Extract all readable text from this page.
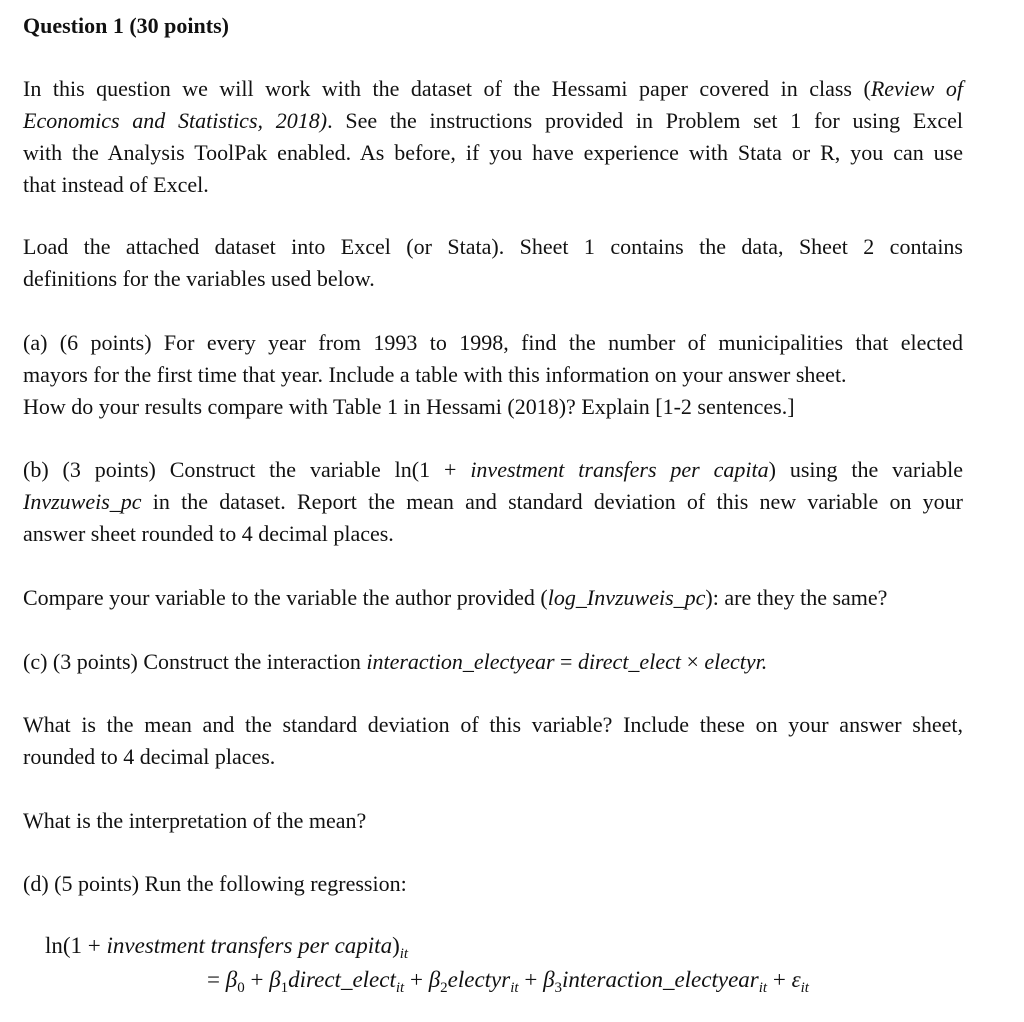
Question 1 (30 points)
In this question we will work with the dataset of the Hessami paper covered in class (Review of
Economics and Statistics, 2018). See the instructions provided in Problem set 1 for using Excel
with the Analysis ToolPak enabled. As before, if you have experience with Stata or R, you can use
that instead of Excel.
Load the attached dataset into Excel (or Stata). Sheet 1 contains the data, Sheet 2 contains
definitions for the variables used below.
(a) (6 points) For every year from 1993 to 1998, find the number of municipalities that elected
mayors for the first time that year. Include a table with this information on your answer sheet.
How do your results compare with Table 1 in Hessami (2018)? Explain [1-2 sentences.]
(b) (3 points) Construct the variable ln(1 + investment transfers per capita) using the variable
Invzuweis_pc in the dataset. Report the mean and standard deviation of this new variable on your
answer sheet rounded to 4 decimal places.
Compare your variable to the variable the author provided (log_Invzuweis_pc): are they the same?
(c) (3 points) Construct the interaction interaction_electyear = direct_elect × electyr.
What is the mean and the standard deviation of this variable? Include these on your answer sheet,
rounded to 4 decimal places.
What is the interpretation of the mean?
(d) (5 points) Run the following regression:
ln(1 + investment transfers per $capita)_{it}$
= $\beta_0$ + $\beta_1direct\_elect_{it}$ + $\beta_2electyr_{it}$ + $\beta_3interaction\_electyear_{it} + \varepsilon_{it}$
